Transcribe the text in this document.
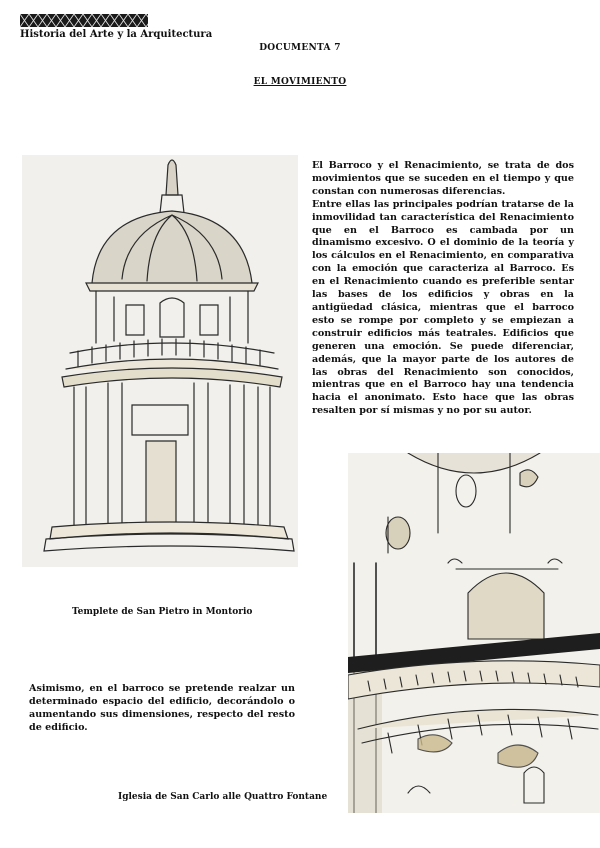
Historia del Arte y la Arquitectura
DOCUMENTA 7
EL MOVIMIENTO

El Barroco y el Renacimiento, se trata de dos movimientos que se suceden en el tiempo y que constan con numerosas diferencias.
Entre ellas las principales podrían tratarse de la inmovilidad tan característica del Renacimiento que en el Barroco es cambada por un dinamismo excesivo. O el dominio de la teoría y los cálculos en el Renacimiento, en comparativa con la emoción que caracteriza al Barroco. Es en el Renacimiento cuando es preferible sentar las bases de los edificios y obras en la antigüedad clásica, mientras que el barroco esto se rompe por completo y se empiezan a construir edificios más teatrales. Edificios que generen una emoción. Se puede diferenciar, además, que la mayor parte de los autores de las obras del Renacimiento son conocidos, mientras que en el Barroco hay una tendencia hacia el anonimato. Esto hace que las obras resalten por sí mismas y no por su autor.

Templete de San Pietro in Montorio

Asimismo, en el barroco se pretende realzar un determinado espacio del edificio, decorándolo o aumentando sus dimensiones, respecto del resto de edificio.

Iglesia de San Carlo alle Quattro Fontane
